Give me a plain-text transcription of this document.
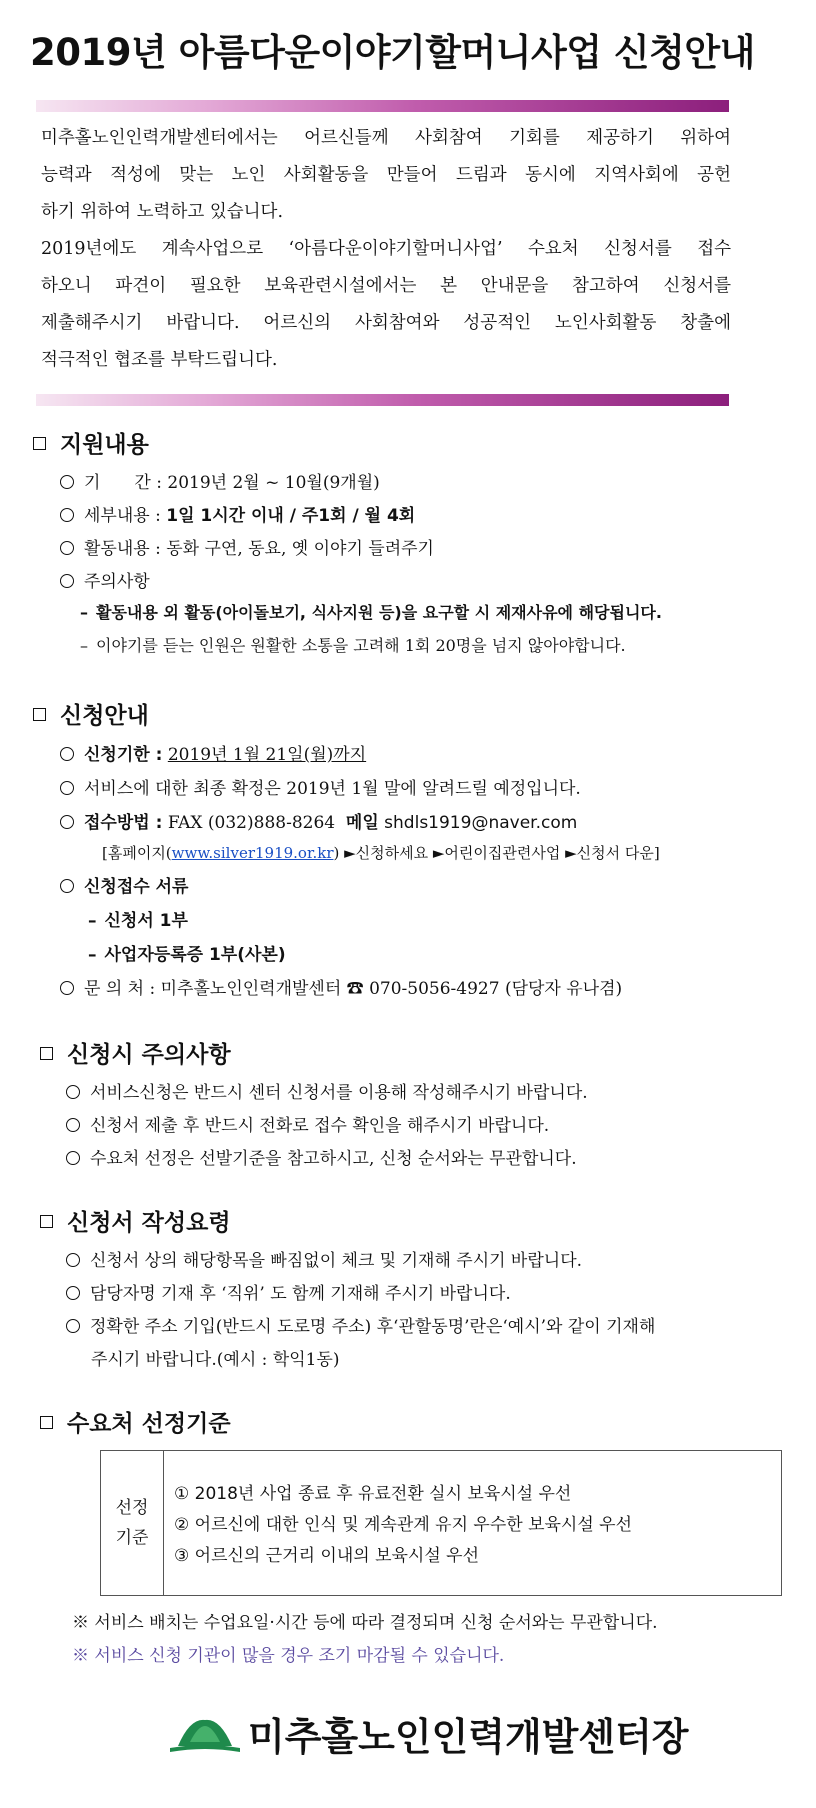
2019년 아름다운이야기할머니사업 신청안내

미추홀노인인력개발센터에서는 어르신들께 사회참여 기회를 제공하기 위하여

능력과 적성에 맞는 노인 사회활동을 만들어 드림과 동시에 지역사회에 공헌

하기 위하여 노력하고 있습니다.

2019년에도 계속사업으로 ‘아름다운이야기할머니사업’ 수요처 신청서를 접수

하오니 파견이 필요한 보육관련시설에서는 본 안내문을 참고하여 신청서를

제출해주시기 바랍니다. 어르신의 사회참여와 성공적인 노인사회활동 창출에

적극적인 협조를 부탁드립니다.

지원내용
기　　간 : 2019년 2월 ~ 10월(9개월)
세부내용 : 1일 1시간 이내 / 주1회 / 월 4회
활동내용 : 동화 구연, 동요, 옛 이야기 들려주기
주의사항
– 활동내용 외 활동(아이돌보기, 식사지원 등)을 요구할 시 제재사유에 해당됩니다.
– 이야기를 듣는 인원은 원활한 소통을 고려해 1회 20명을 넘지 않아야합니다.
신청안내
신청기한 : 2019년 1월 21일(월)까지
서비스에 대한 최종 확정은 2019년 1월 말에 알려드릴 예정입니다.
접수방법 : FAX (032)888-8264 메일 shdls1919@naver.com
[홈페이지(www.silver1919.or.kr) ►신청하세요 ►어린이집관련사업 ►신청서 다운]
신청접수 서류
– 신청서 1부
– 사업자등록증 1부(사본)
문 의 처 : 미추홀노인인력개발센터 ☎ 070-5056-4927 (담당자 유나겸)
신청시 주의사항
서비스신청은 반드시 센터 신청서를 이용해 작성해주시기 바랍니다.
신청서 제출 후 반드시 전화로 접수 확인을 해주시기 바랍니다.
수요처 선정은 선발기준을 참고하시고, 신청 순서와는 무관합니다.
신청서 작성요령
신청서 상의 해당항목을 빠짐없이 체크 및 기재해 주시기 바랍니다.
담당자명 기재 후 ‘직위’ 도 함께 기재해 주시기 바랍니다.
정확한 주소 기입(반드시 도로명 주소) 후‘관할동명’란은‘예시’와 같이 기재해
주시기 바랍니다.(예시 : 학익1동)
수요처 선정기준
선정
기준
① 2018년 사업 종료 후 유료전환 실시 보육시설 우선
② 어르신에 대한 인식 및 계속관계 유지 우수한 보육시설 우선
③ 어르신의 근거리 이내의 보육시설 우선
※ 서비스 배치는 수업요일·시간 등에 따라 결정되며 신청 순서와는 무관합니다.
※ 서비스 신청 기관이 많을 경우 조기 마감될 수 있습니다.
미추홀노인인력개발센터장
